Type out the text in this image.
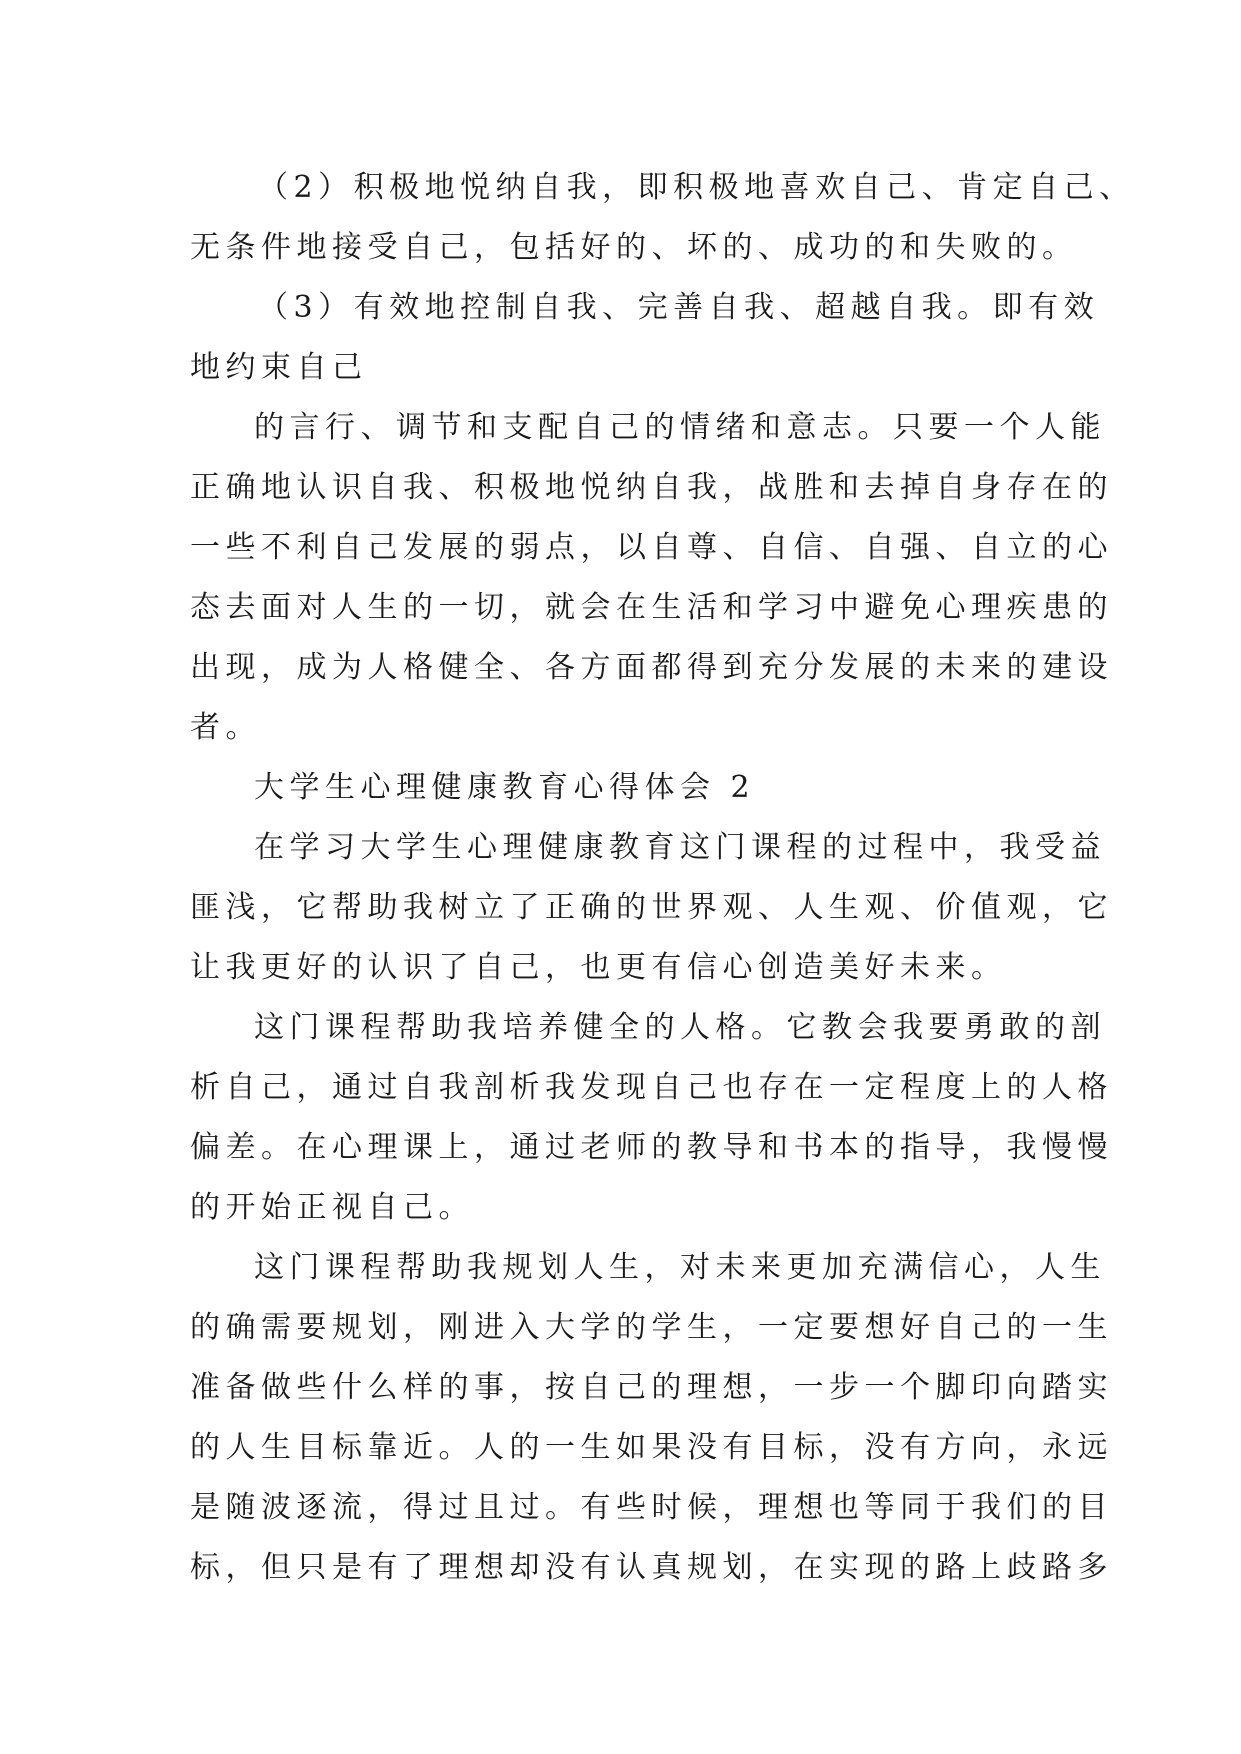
（2）积极地悦纳自我，即积极地喜欢自己、肯定自己、
无条件地接受自己，包括好的、坏的、成功的和失败的。
（3）有效地控制自我、完善自我、超越自我。即有效
地约束自己
的言行、调节和支配自己的情绪和意志。只要一个人能
正确地认识自我、积极地悦纳自我，战胜和去掉自身存在的
一些不利自己发展的弱点，以自尊、自信、自强、自立的心
态去面对人生的一切，就会在生活和学习中避免心理疾患的
出现，成为人格健全、各方面都得到充分发展的未来的建设
者。
大学生心理健康教育心得体会 2
在学习大学生心理健康教育这门课程的过程中，我受益
匪浅，它帮助我树立了正确的世界观、人生观、价值观，它
让我更好的认识了自己，也更有信心创造美好未来。
这门课程帮助我培养健全的人格。它教会我要勇敢的剖
析自己，通过自我剖析我发现自己也存在一定程度上的人格
偏差。在心理课上，通过老师的教导和书本的指导，我慢慢
的开始正视自己。
这门课程帮助我规划人生，对未来更加充满信心，人生
的确需要规划，刚进入大学的学生，一定要想好自己的一生
准备做些什么样的事，按自己的理想，一步一个脚印向踏实
的人生目标靠近。人的一生如果没有目标，没有方向，永远
是随波逐流，得过且过。有些时候，理想也等同于我们的目
标，但只是有了理想却没有认真规划，在实现的路上歧路多
